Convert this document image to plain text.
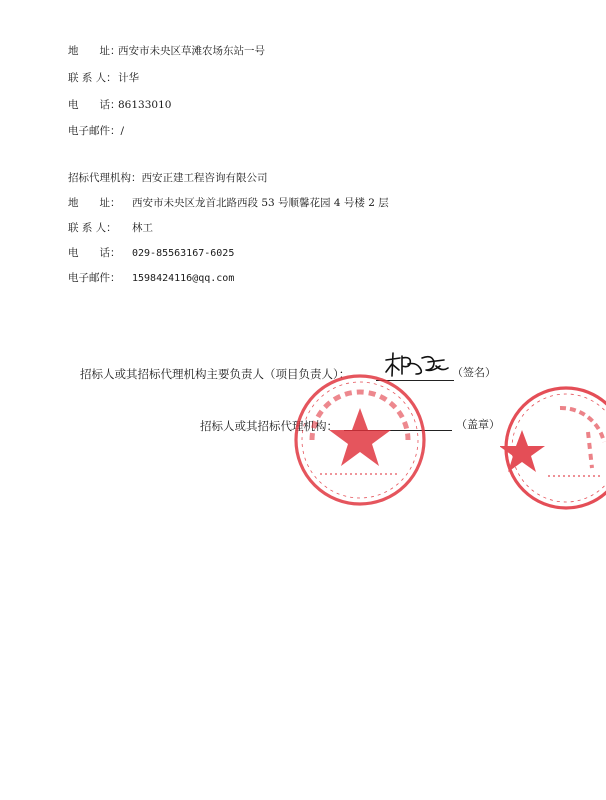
地　　址：西安市未央区草滩农场东站一号
联 系 人：计华
电　　话：86133010
电子邮件：/
招标代理机构：西安正建工程咨询有限公司
地　　址： 西安市未央区龙首北路西段 53 号顺馨花园 4 号楼 2 层
联 系 人： 林工
电　　话： 029-85563167-6025
电子邮件： 1598424116@qq.com
招标人或其招标代理机构主要负责人（项目负责人）：	（签名）
招标人或其招标代理机构：	（盖章）
